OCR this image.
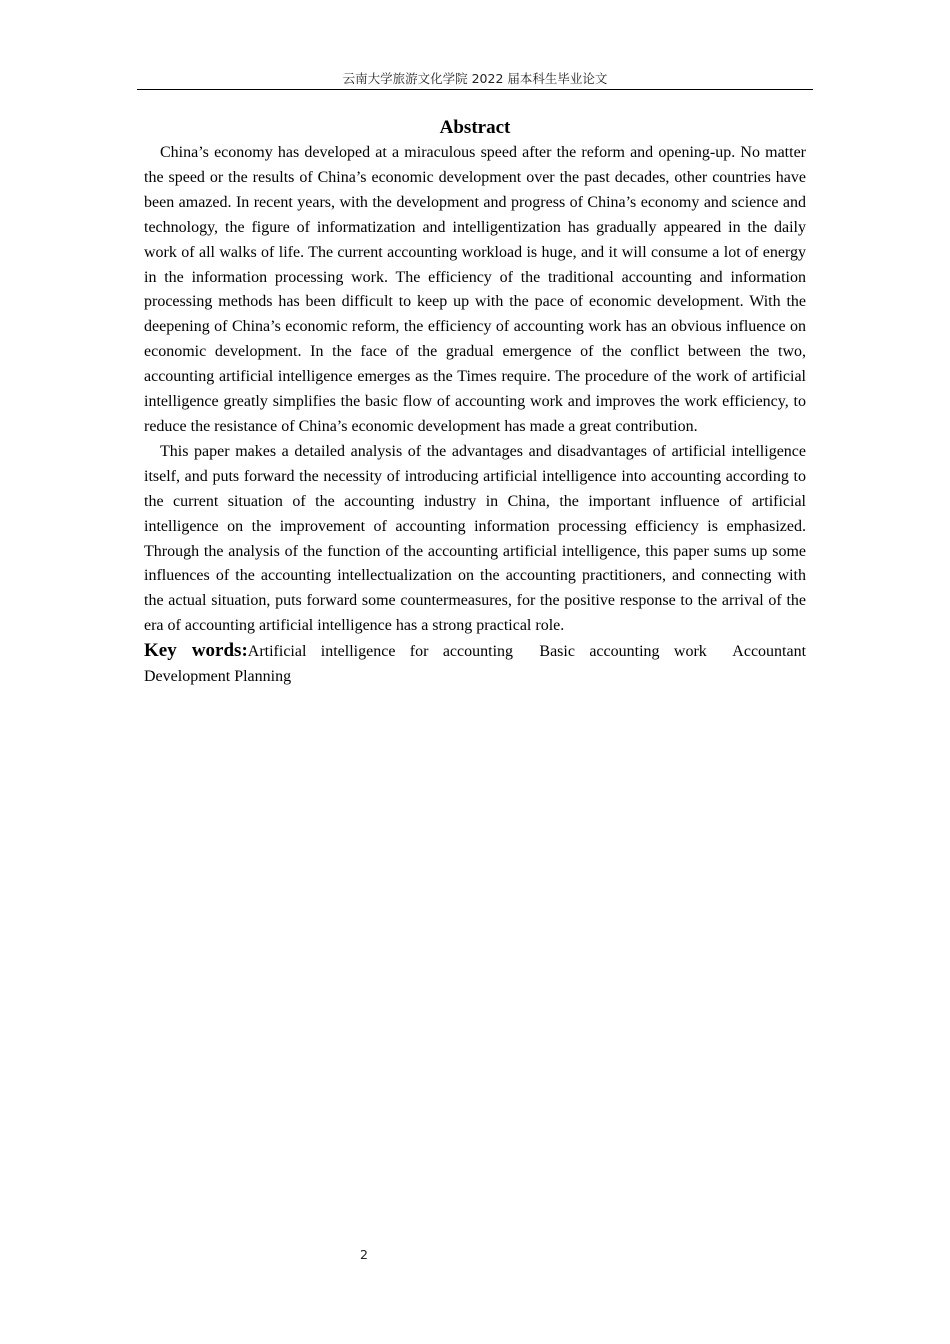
云南大学旅游文化学院 2022 届本科生毕业论文
Abstract

China’s economy has developed at a miraculous speed after the reform and opening-up. No matter the speed or the results of China’s economic development over the past decades, other countries have been amazed. In recent years, with the development and progress of China’s economy and science and technology, the figure of informatization and intelligentization has gradually appeared in the daily work of all walks of life. The current accounting workload is huge, and it will consume a lot of energy in the information processing work. The efficiency of the traditional accounting and information processing methods has been difficult to keep up with the pace of economic development. With the deepening of China’s economic reform, the efficiency of accounting work has an obvious influence on economic development. In the face of the gradual emergence of the conflict between the two, accounting artificial intelligence emerges as the Times require. The procedure of the work of artificial intelligence greatly simplifies the basic flow of accounting work and improves the work efficiency, to reduce the resistance of China’s economic development has made a great contribution.

This paper makes a detailed analysis of the advantages and disadvantages of artificial intelligence itself, and puts forward the necessity of introducing artificial intelligence into accounting according to the current situation of the accounting industry in China, the important influence of artificial intelligence on the improvement of accounting information processing efficiency is emphasized. Through the analysis of the function of the accounting artificial intelligence, this paper sums up some influences of the accounting intellectualization on the accounting practitioners, and connecting with the actual situation, puts forward some countermeasures, for the positive response to the arrival of the era of accounting artificial intelligence has a strong practical role.

Key words:Artificial intelligence for accounting Basic accounting work Accountant Development Planning

2
